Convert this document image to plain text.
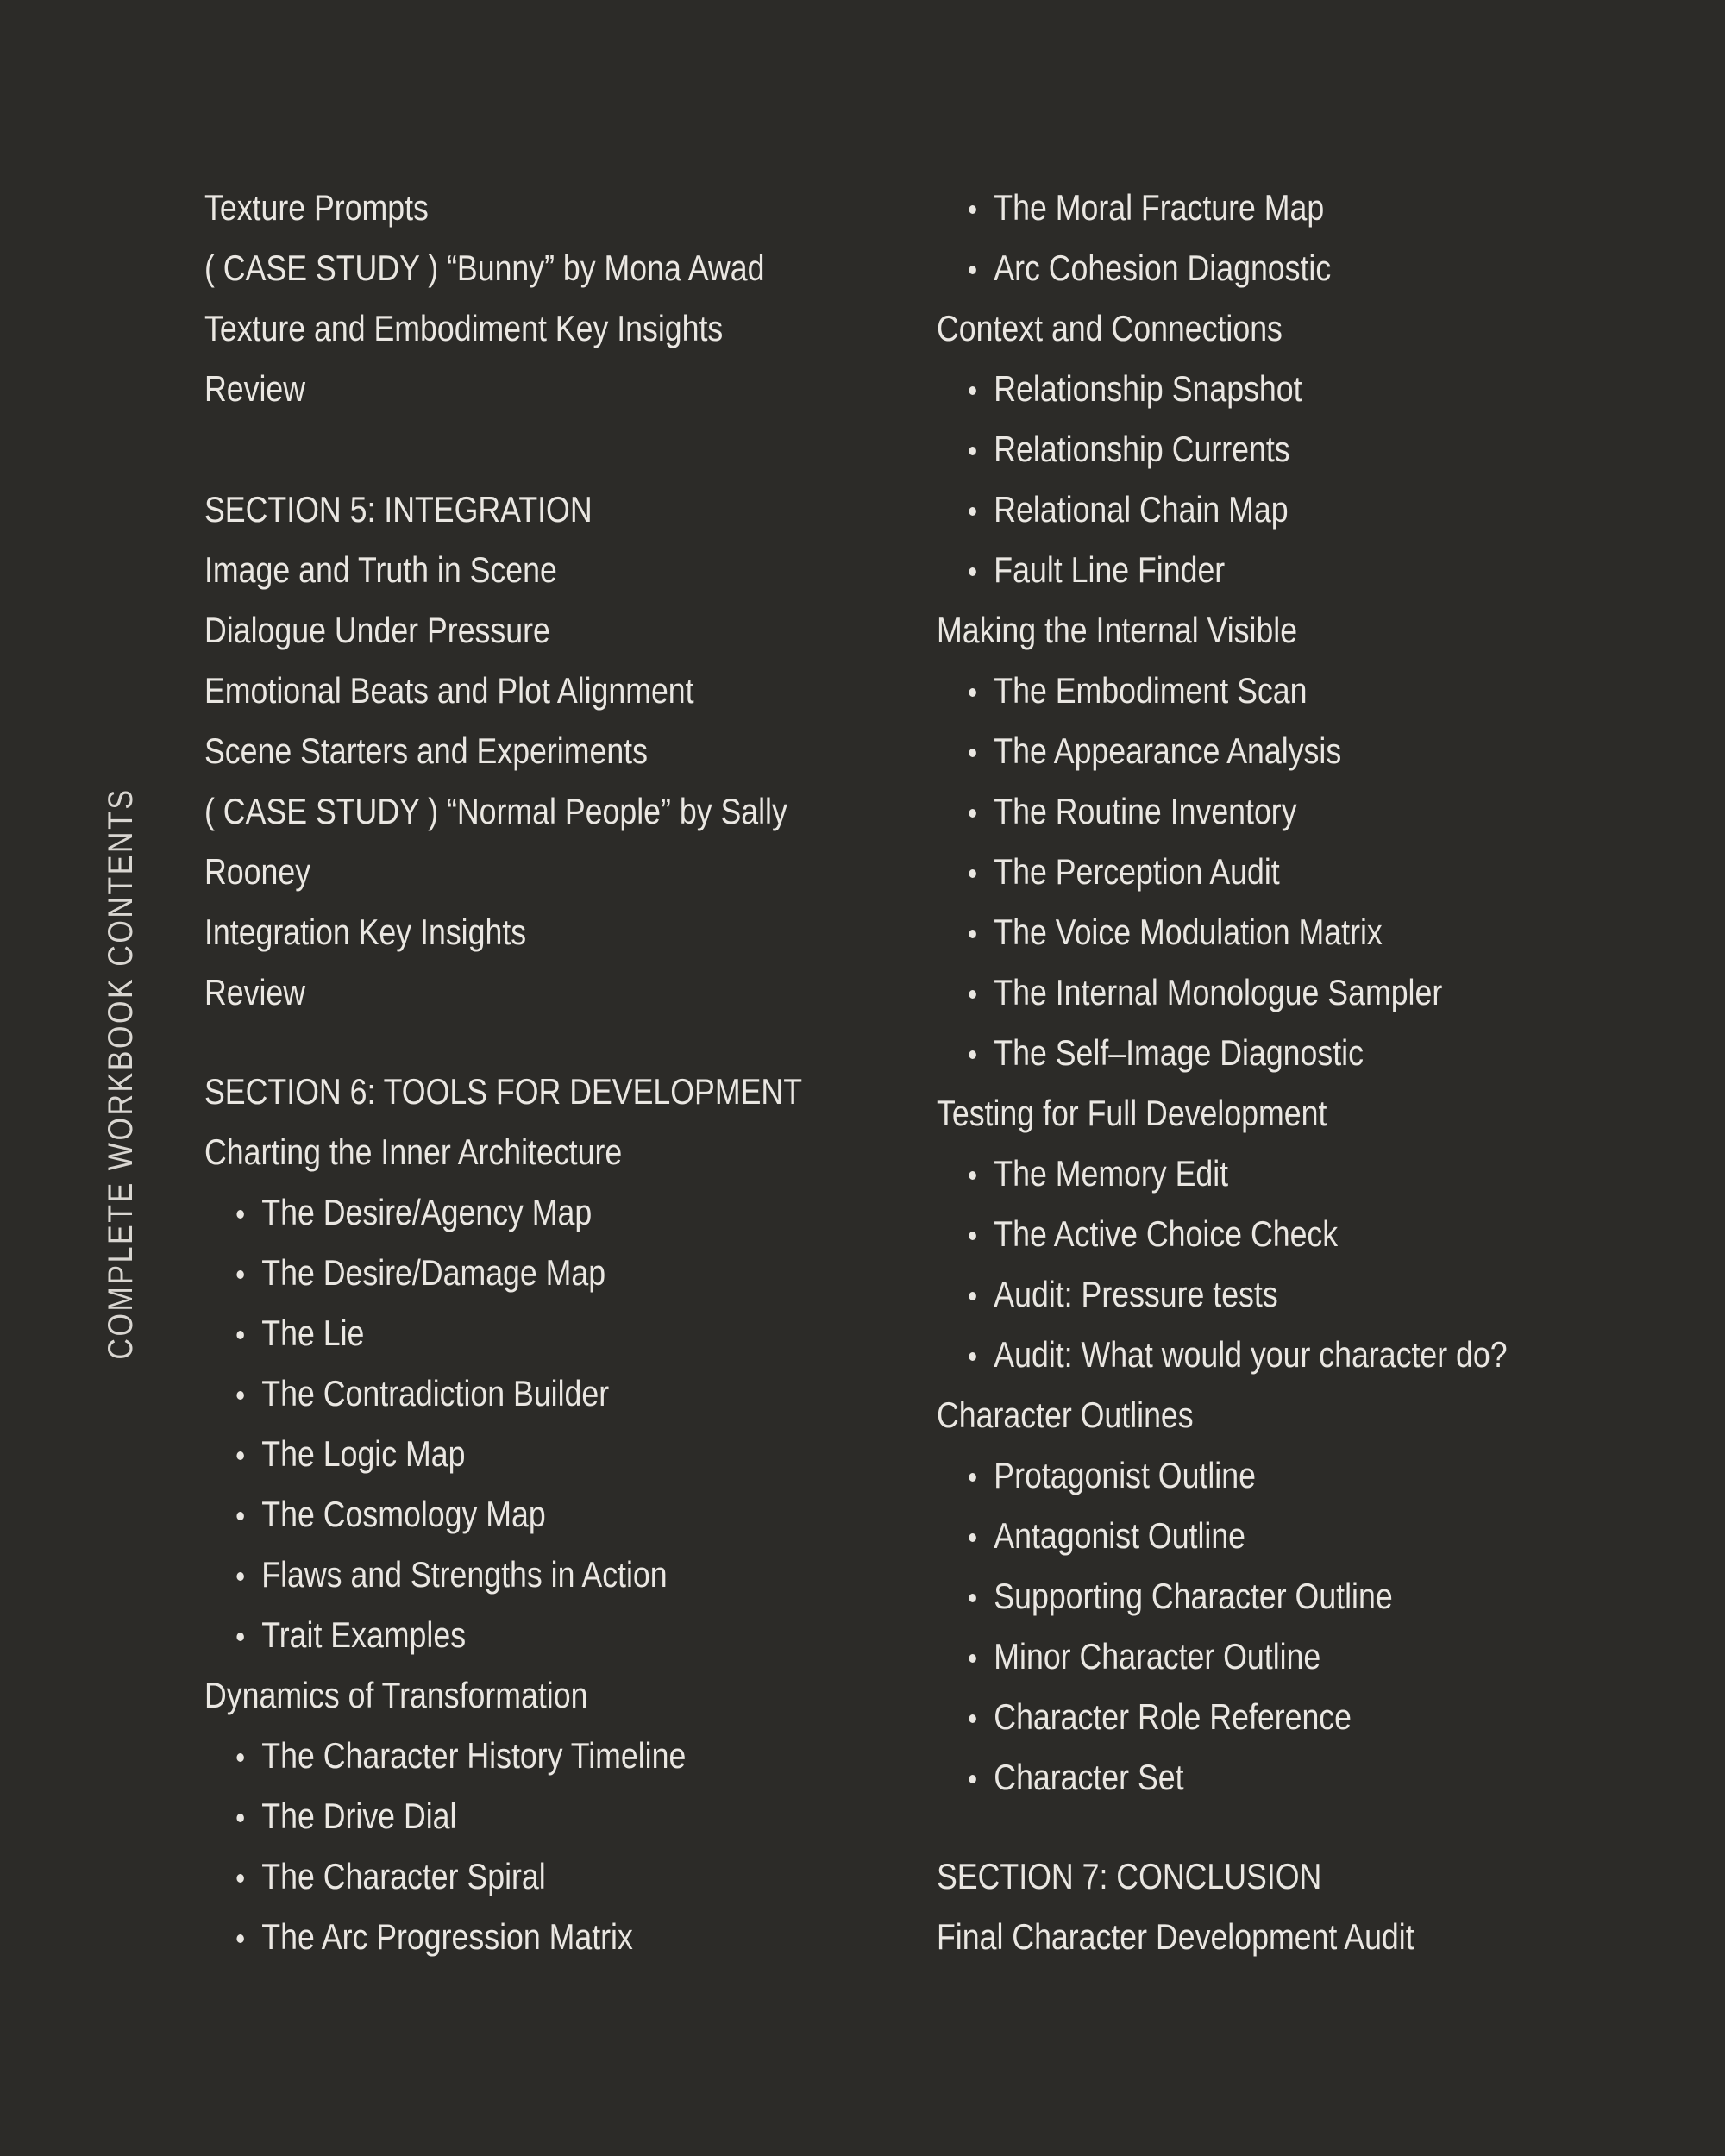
COMPLETE WORKBOOK CONTENTS
Texture Prompts
( CASE STUDY ) “Bunny” by Mona Awad
Texture and Embodiment Key Insights
Review
SECTION 5: INTEGRATION
Image and Truth in Scene
Dialogue Under Pressure
Emotional Beats and Plot Alignment
Scene Starters and Experiments
( CASE STUDY ) “Normal People” by Sally
Rooney
Integration Key Insights
Review
SECTION 6: TOOLS FOR DEVELOPMENT
Charting the Inner Architecture
The Desire/Agency Map
The Desire/Damage Map
The Lie
The Contradiction Builder
The Logic Map
The Cosmology Map
Flaws and Strengths in Action
Trait Examples
Dynamics of Transformation
The Character History Timeline
The Drive Dial
The Character Spiral
The Arc Progression Matrix
The Moral Fracture Map
Arc Cohesion Diagnostic
Context and Connections
Relationship Snapshot
Relationship Currents
Relational Chain Map
Fault Line Finder
Making the Internal Visible
The Embodiment Scan
The Appearance Analysis
The Routine Inventory
The Perception Audit
The Voice Modulation Matrix
The Internal Monologue Sampler
The Self–Image Diagnostic
Testing for Full Development
The Memory Edit
The Active Choice Check
Audit: Pressure tests
Audit: What would your character do?
Character Outlines
Protagonist Outline
Antagonist Outline
Supporting Character Outline
Minor Character Outline
Character Role Reference
Character Set
SECTION 7: CONCLUSION
Final Character Development Audit
